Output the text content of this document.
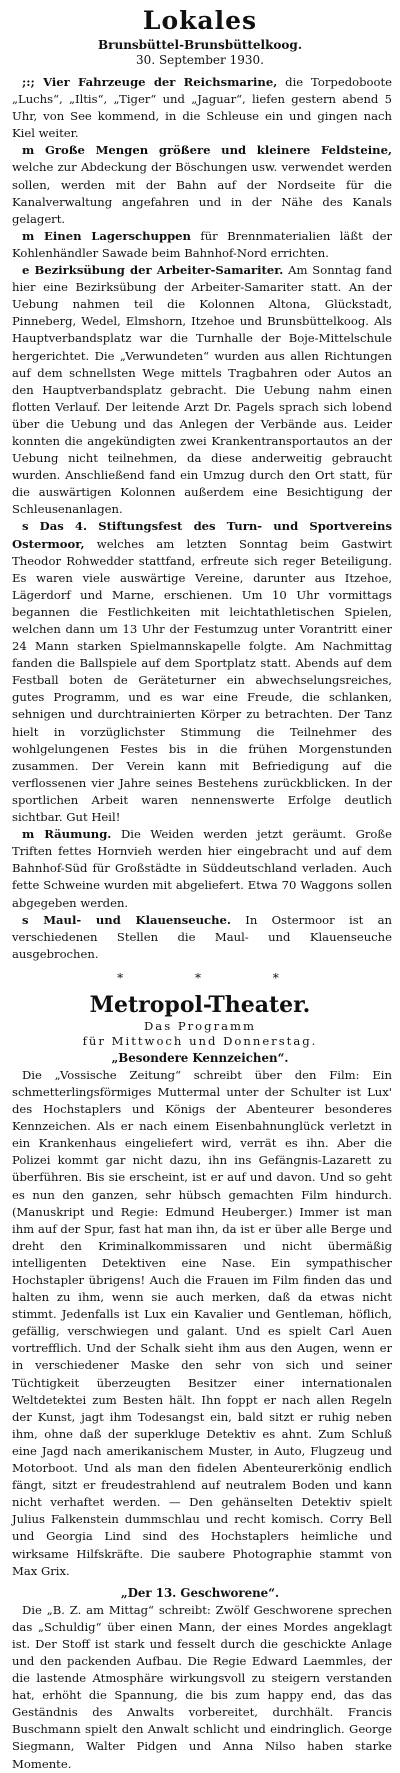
Lokales
Brunsbüttel-Brunsbüttelkoog.
30. September 1930.

;:; Vier Fahrzeuge der Reichsmarine, die Torpedoboote „Luchs“, „Iltis“, „Tiger“ und „Jaguar“, liefen gestern abend 5 Uhr, von See kommend, in die Schleuse ein und gingen nach Kiel weiter.

m Große Mengen größere und kleinere Feldsteine, welche zur Abdeckung der Böschungen usw. verwendet werden sollen, werden mit der Bahn auf der Nordseite für die Kanalverwaltung angefahren und in der Nähe des Kanals gelagert.

m Einen Lagerschuppen für Brennmaterialien läßt der Kohlenhändler Sawade beim Bahnhof-Nord errichten.

e Bezirksübung der Arbeiter-Samariter. Am Sonntag fand hier eine Bezirksübung der Arbeiter-Samariter statt. An der Uebung nahmen teil die Kolonnen Altona, Glückstadt, Pinneberg, Wedel, Elmshorn, Itzehoe und Brunsbüttelkoog. Als Hauptverbandsplatz war die Turnhalle der Boje-Mittelschule hergerichtet. Die „Verwundeten“ wurden aus allen Richtungen auf dem schnellsten Wege mittels Tragbahren oder Autos an den Hauptverbandsplatz gebracht. Die Uebung nahm einen flotten Verlauf. Der leitende Arzt Dr. Pagels sprach sich lobend über die Uebung und das Anlegen der Verbände aus. Leider konnten die angekündigten zwei Krankentransportautos an der Uebung nicht teilnehmen, da diese anderweitig gebraucht wurden. Anschließend fand ein Umzug durch den Ort statt, für die auswärtigen Kolonnen außerdem eine Besichtigung der Schleusenanlagen.

s Das 4. Stiftungsfest des Turn- und Sportvereins Ostermoor, welches am letzten Sonntag beim Gastwirt Theodor Rohwedder stattfand, erfreute sich reger Beteiligung. Es waren viele auswärtige Vereine, darunter aus Itzehoe, Lägerdorf und Marne, erschienen. Um 10 Uhr vormittags begannen die Festlichkeiten mit leichtathletischen Spielen, welchen dann um 13 Uhr der Festumzug unter Vorantritt einer 24 Mann starken Spielmannskapelle folgte. Am Nachmittag fanden die Ballspiele auf dem Sportplatz statt. Abends auf dem Festball boten de Geräteturner ein abwechselungsreiches, gutes Programm, und es war eine Freude, die schlanken, sehnigen und durchtrainierten Körper zu betrachten. Der Tanz hielt in vorzüglichster Stimmung die Teilnehmer des wohlgelungenen Festes bis in die frühen Morgenstunden zusammen. Der Verein kann mit Befriedigung auf die verflossenen vier Jahre seines Bestehens zurückblicken. In der sportlichen Arbeit waren nennenswerte Erfolge deutlich sichtbar. Gut Heil!

m Räumung. Die Weiden werden jetzt geräumt. Große Triften fettes Hornvieh werden hier eingebracht und auf dem Bahnhof-Süd für Großstädte in Süddeutschland verladen. Auch fette Schweine wurden mit abgeliefert. Etwa 70 Waggons sollen abgegeben werden.

s Maul- und Klauenseuche. In Ostermoor ist an verschiedenen Stellen die Maul- und Klauenseuche ausgebrochen.

* * *
Metropol-Theater.
Das Programm
für Mittwoch und Donnerstag.
„Besondere Kennzeichen“.

Die „Vossische Zeitung“ schreibt über den Film: Ein schmetterlingsförmiges Muttermal unter der Schulter ist Lux' des Hochstaplers und Königs der Abenteurer besonderes Kennzeichen. Als er nach einem Eisenbahnunglück verletzt in ein Krankenhaus eingeliefert wird, verrät es ihn. Aber die Polizei kommt gar nicht dazu, ihn ins Gefängnis-Lazarett zu überführen. Bis sie erscheint, ist er auf und davon. Und so geht es nun den ganzen, sehr hübsch gemachten Film hindurch. (Manuskript und Regie: Edmund Heuberger.) Immer ist man ihm auf der Spur, fast hat man ihn, da ist er über alle Berge und dreht den Kriminalkommissaren und nicht übermäßig intelligenten Detektiven eine Nase. Ein sympathischer Hochstapler übrigens! Auch die Frauen im Film finden das und halten zu ihm, wenn sie auch merken, daß da etwas nicht stimmt. Jedenfalls ist Lux ein Kavalier und Gentleman, höflich, gefällig, verschwiegen und galant. Und es spielt Carl Auen vortrefflich. Und der Schalk sieht ihm aus den Augen, wenn er in verschiedener Maske den sehr von sich und seiner Tüchtigkeit überzeugten Besitzer einer internationalen Weltdetektei zum Besten hält. Ihn foppt er nach allen Regeln der Kunst, jagt ihm Todesangst ein, bald sitzt er ruhig neben ihm, ohne daß der superkluge Detektiv es ahnt. Zum Schluß eine Jagd nach amerikanischem Muster, in Auto, Flugzeug und Motorboot. Und als man den fidelen Abenteurerkönig endlich fängt, sitzt er freudestrahlend auf neutralem Boden und kann nicht verhaftet werden. — Den gehänselten Detektiv spielt Julius Falkenstein dummschlau und recht komisch. Corry Bell und Georgia Lind sind des Hochstaplers heimliche und wirksame Hilfskräfte. Die saubere Photographie stammt von Max Grix.

„Der 13. Geschworene“.

Die „B. Z. am Mittag“ schreibt: Zwölf Geschworene sprechen das „Schuldig“ über einen Mann, der eines Mordes angeklagt ist. Der Stoff ist stark und fesselt durch die geschickte Anlage und den packenden Aufbau. Die Regie Edward Laemmles, der die lastende Atmosphäre wirkungsvoll zu steigern verstanden hat, erhöht die Spannung, die bis zum happy end, das das Geständnis des Anwalts vorbereitet, durchhält. Francis Buschmann spielt den Anwalt schlicht und eindringlich. George Siegmann, Walter Pidgen und Anna Nilso haben starke Momente.
